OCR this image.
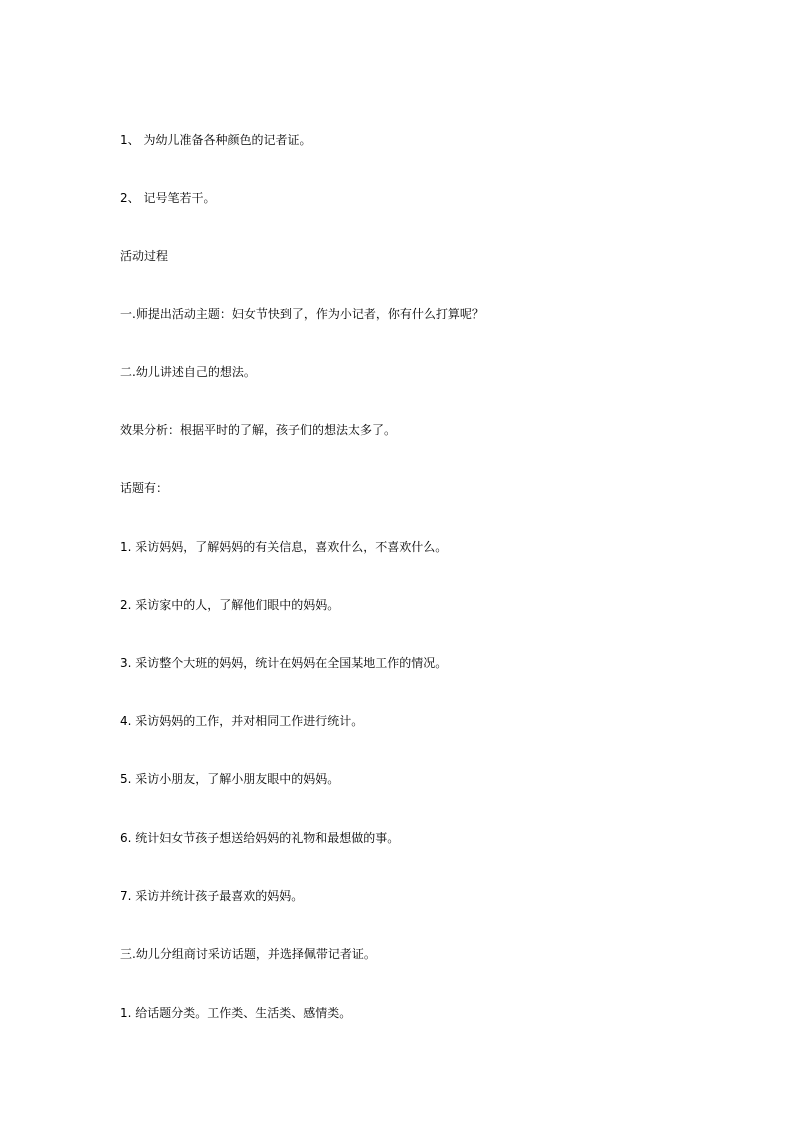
1、 为幼儿准备各种颜色的记者证。
2、 记号笔若干。
活动过程
一.师提出活动主题：妇女节快到了，作为小记者，你有什么打算呢？
二.幼儿讲述自己的想法。
效果分析：根据平时的了解，孩子们的想法太多了。
话题有：
1. 采访妈妈，了解妈妈的有关信息，喜欢什么，不喜欢什么。
2. 采访家中的人，了解他们眼中的妈妈。
3. 采访整个大班的妈妈，统计在妈妈在全国某地工作的情况。
4. 采访妈妈的工作，并对相同工作进行统计。
5. 采访小朋友，了解小朋友眼中的妈妈。
6. 统计妇女节孩子想送给妈妈的礼物和最想做的事。
7. 采访并统计孩子最喜欢的妈妈。
三.幼儿分组商讨采访话题，并选择佩带记者证。
1. 给话题分类。工作类、生活类、感情类。
